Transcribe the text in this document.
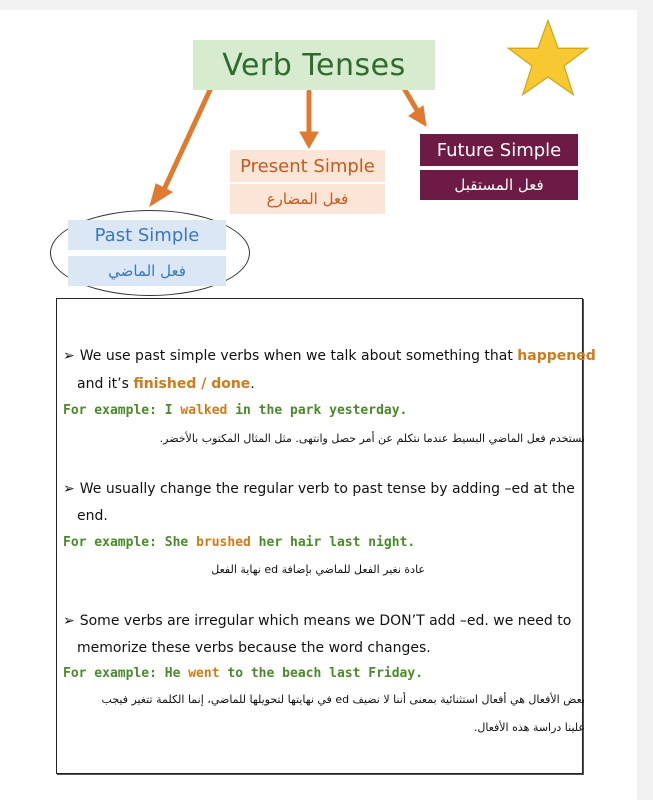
Verb Tenses
Present Simple
فعل المضارع
Future Simple
فعل المستقبل
Past Simple
فعل الماضي
➢ We use past simple verbs when we talk about something that happened
and it’s finished / done.
For example: I walked in the park yesterday.
نستخدم فعل الماضي البسيط عندما نتكلم عن أمر حصل وانتهى. مثل المثال المكتوب بالأخضر.
➢ We usually change the regular verb to past tense by adding –ed at the
end.
For example: She brushed her hair last night.
عادة نغير الفعل للماضي بإضافة ed نهاية الفعل
➢ Some verbs are irregular which means we DON’T add –ed. we need to
memorize these verbs because the word changes.
For example: He went to the beach last Friday.
بعض الأفعال هي أفعال استثنائية بمعنى أننا لا نضيف ed في نهايتها لتحويلها للماضي، إنما الكلمة تتغير فيجب
علينا دراسة هذه الأفعال.
